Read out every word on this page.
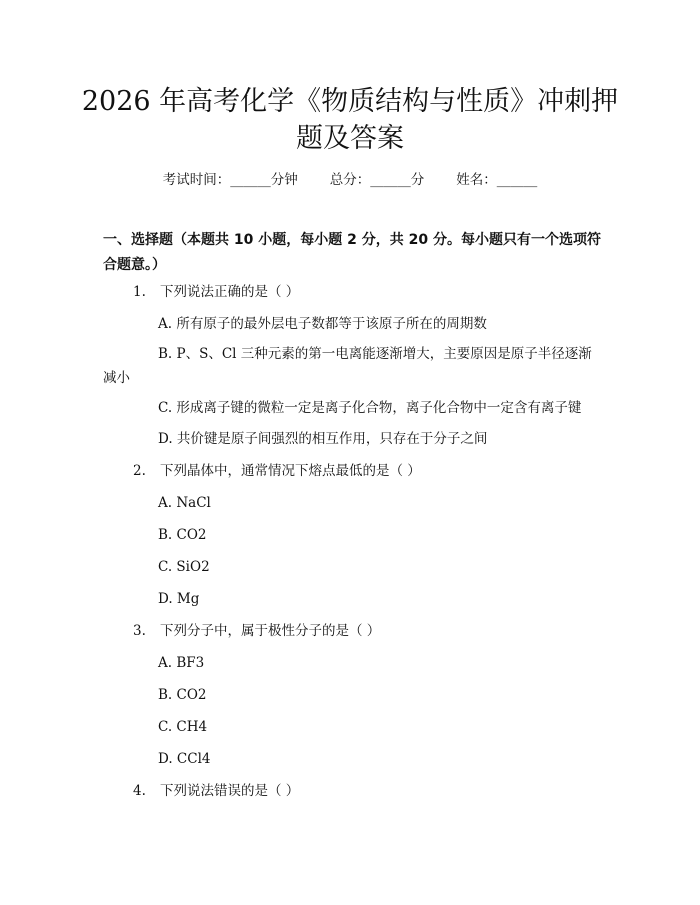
2026 年高考化学《物质结构与性质》冲刺押
题及答案
考试时间：______分钟 总分：______分 姓名：______
一、选择题（本题共 10 小题，每小题 2 分，共 20 分。每小题只有一个选项符合题意。）
1. 下列说法正确的是（ ）
A. 所有原子的最外层电子数都等于该原子所在的周期数
B. P、S、Cl 三种元素的第一电离能逐渐增大，主要原因是原子半径逐渐减小
C. 形成离子键的微粒一定是离子化合物，离子化合物中一定含有离子键
D. 共价键是原子间强烈的相互作用，只存在于分子之间
2. 下列晶体中，通常情况下熔点最低的是（ ）
A. NaCl
B. CO2
C. SiO2
D. Mg
3. 下列分子中，属于极性分子的是（ ）
A. BF3
B. CO2
C. CH4
D. CCl4
4. 下列说法错误的是（ ）
